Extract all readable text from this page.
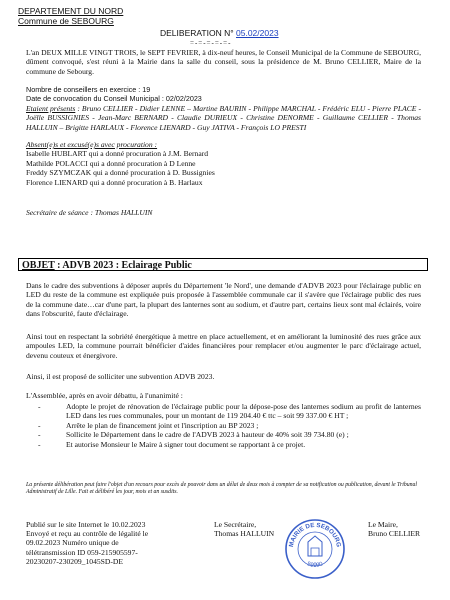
DEPARTEMENT DU NORD
Commune de SEBOURG
DELIBERATION N° 05.02/2023
=-=-=-=-=-
L'an DEUX MILLE VINGT TROIS, le SEPT FEVRIER, à dix-neuf heures, le Conseil Municipal de la Commune de SEBOURG, dûment convoqué, s'est réuni à la Mairie dans la salle du conseil, sous la présidence de M. Bruno CELLIER, Maire de la commune de Sebourg.
Nombre de conseillers en exercice : 19
Date de convocation du Conseil Municipal : 02/02/2023
Etaient présents : Bruno CELLIER - Didier LENNE – Martine BAURIN - Philippe MARCHAL - Frédéric ELU - Pierre PLACE - Joëlle BUSSIGNIES - Jean-Marc BERNARD - Claudie DURIEUX - Christine DENORME - Guillaume CELLIER - Thomas HALLUIN – Brigitte HARLAUX - Florence LIENARD - Guy JATIVA - François LO PRESTI
Absent(e)s et excusé(e)s avec procuration :
Isabelle HUBLART qui a donné procuration à J.M. Bernard
Mathilde POLACCI qui a donné procuration à D Lenne
Freddy SZYMCZAK qui a donné procuration à D. Bussignies
Florence LIENARD qui a donné procuration à B. Harlaux
Secrétaire de séance : Thomas HALLUIN
OBJET : ADVB 2023 : Eclairage Public
Dans le cadre des subventions à déposer auprès du Département 'le Nord', une demande d'ADVB 2023 pour l'éclairage public en LED du reste de la commune est expliquée puis proposée à l'assemblée communale car il s'avère que l'éclairage public des rues de la commune date…car d'une part, la plupart des lanternes sont au sodium, et d'autre part, certains lieux sont mal éclairés, voire dans l'obscurité, faute d'éclairage.
Ainsi tout en respectant la sobriété énergétique à mettre en place actuellement, et en améliorant la luminosité des rues grâce aux ampoules LED, la commune pourrait bénéficier d'aides financières pour remplacer et/ou augmenter le parc d'éclairage actuel, devenu couteux et énergivore.
Ainsi, il est proposé de solliciter une subvention ADVB 2023.
L'Assemblée, après en avoir débattu, à l'unanimité :
- Adopte le projet de rénovation de l'éclairage public pour la dépose-pose des lanternes sodium au profit de lanternes LED dans les rues communales, pour un montant de 119 204.40 € ttc – soit 99 337.00 € HT ;
- Arrête le plan de financement joint et l'inscription au BP 2023 ;
- Sollicite le Département dans le cadre de l'ADVB 2023 à hauteur de 40% soit 39 734.80 (e) ;
- Et autorise Monsieur le Maire à signer tout document se rapportant à ce projet.
La présente délibération peut faire l'objet d'un recours pour excès de pouvoir dans un délai de deux mois à compter de sa notification ou publication, devant le Tribunal Administratif de Lille. Fait et délibéré les jour, mois et an susdits.
Publié sur le site Internet le 10.02.2023
Envoyé et reçu au contrôle de légalité le
09.02.2023 Numéro unique de
télétransmission ID 059-215905597-
20230207-230209_1045SD-DE
Le Secrétaire,
Thomas HALLUIN
MAIRIE DE SEBOURG
59990
Le Maire,
Bruno CELLIER
